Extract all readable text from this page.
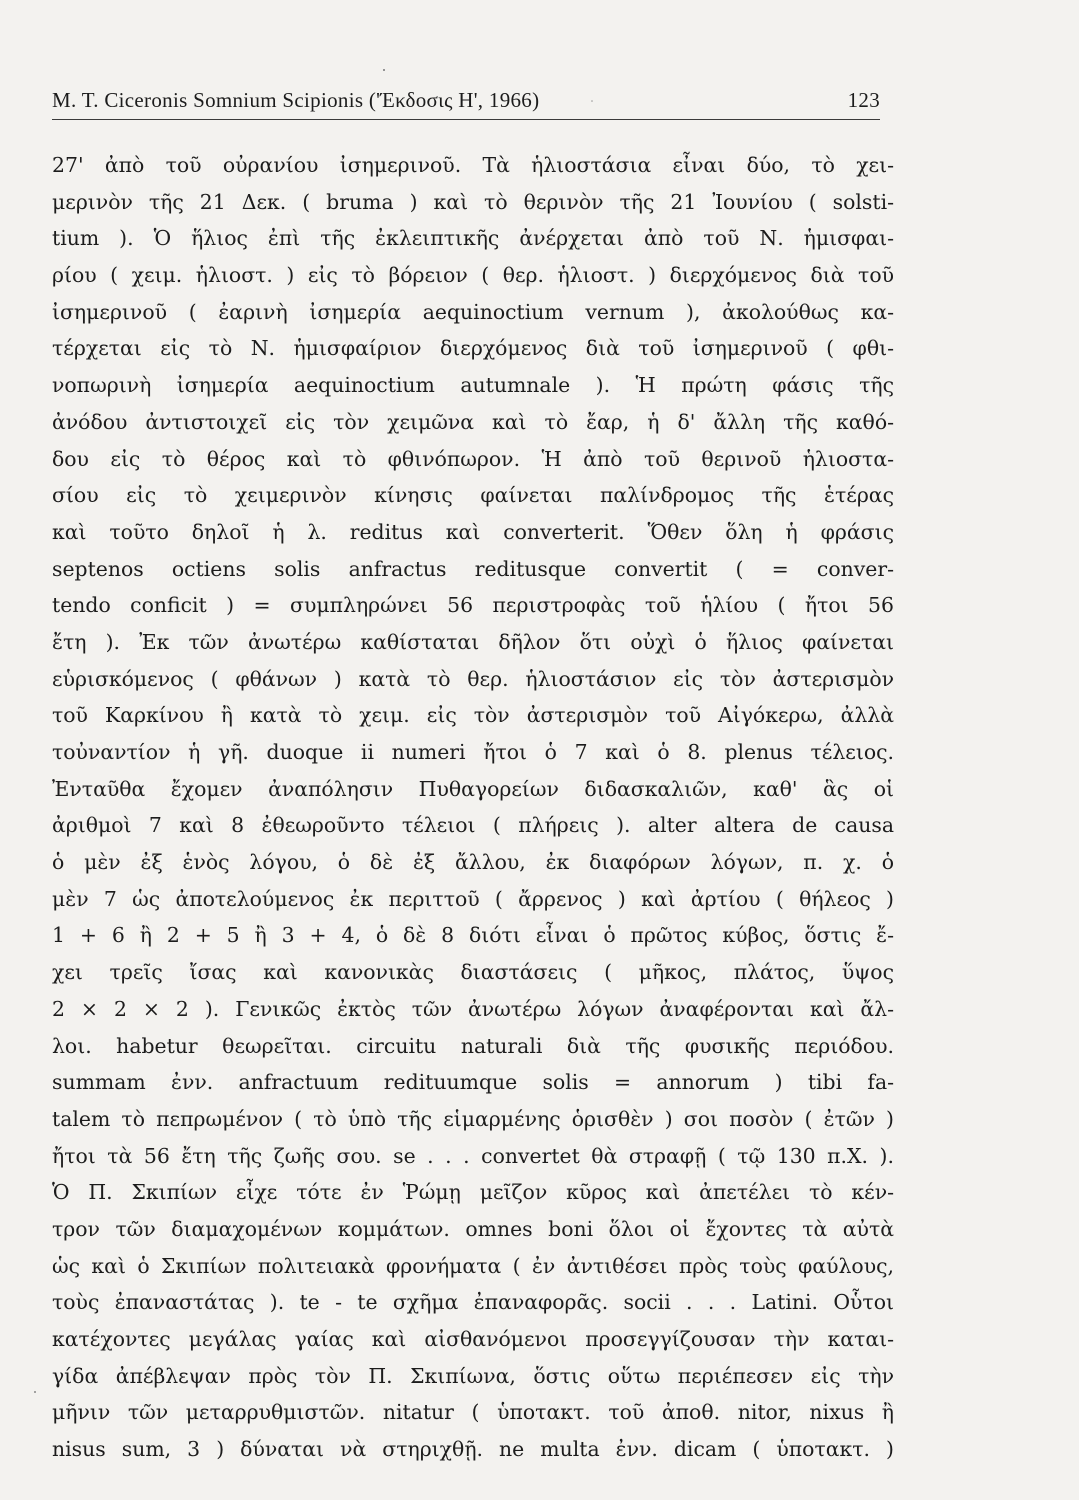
M. T. Ciceronis Somnium Scipionis ('Έκδοσις Η', 1966)	123
27' ἀπὸ τοῦ οὐρανίου ἰσημερινοῦ. Τὰ ἡλιοστάσια εἶναι δύο, τὸ χει-
μερινὸν τῆς 21 Δεκ. ( bruma ) καὶ τὸ θερινὸν τῆς 21 Ἰουνίου ( solsti-
tium ). Ὁ ἥλιος ἐπὶ τῆς ἐκλειπτικῆς ἀνέρχεται ἀπὸ τοῦ Ν. ἡμισφαι-
ρίου ( χειμ. ἡλιοστ. ) εἰς τὸ βόρειον ( θερ. ἡλιοστ. ) διερχόμενος διὰ τοῦ
ἰσημερινοῦ ( ἐαρινὴ ἰσημερία aequinoctium vernum ), ἀκολούθως κα-
τέρχεται εἰς τὸ Ν. ἡμισφαίριον διερχόμενος διὰ τοῦ ἰσημερινοῦ ( φθι-
νοπωρινὴ ἰσημερία aequinoctium autumnale ). Ἡ πρώτη φάσις τῆς
ἀνόδου ἀντιστοιχεῖ εἰς τὸν χειμῶνα καὶ τὸ ἔαρ, ἡ δ' ἄλλη τῆς καθό-
δου εἰς τὸ θέρος καὶ τὸ φθινόπωρον. Ἡ ἀπὸ τοῦ θερινοῦ ἡλιοστα-
σίου εἰς τὸ χειμερινὸν κίνησις φαίνεται παλίνδρομος τῆς ἑτέρας
καὶ τοῦτο δηλοῖ ἡ λ. reditus καὶ converterit. Ὅθεν ὅλη ἡ φράσις
septenos octiens solis anfractus reditusque convertit ( = conver-
tendo conficit ) = συμπληρώνει 56 περιστροφὰς τοῦ ἡλίου ( ἤτοι 56
ἔτη ). Ἐκ τῶν ἀνωτέρω καθίσταται δῆλον ὅτι οὐχὶ ὁ ἥλιος φαίνεται
εὑρισκόμενος ( φθάνων ) κατὰ τὸ θερ. ἡλιοστάσιον εἰς τὸν ἀστερισμὸν
τοῦ Καρκίνου ἢ κατὰ τὸ χειμ. εἰς τὸν ἀστερισμὸν τοῦ Αἰγόκερω, ἀλλὰ
τοὐναντίον ἡ γῆ. duoque ii numeri ἤτοι ὁ 7 καὶ ὁ 8. plenus τέλειος.
Ἐνταῦθα ἔχομεν ἀναπόλησιν Πυθαγορείων διδασκαλιῶν, καθ' ἃς οἱ
ἀριθμοὶ 7 καὶ 8 ἐθεωροῦντο τέλειοι ( πλήρεις ). alter altera de causa
ὁ μὲν ἐξ ἑνὸς λόγου, ὁ δὲ ἐξ ἄλλου, ἐκ διαφόρων λόγων, π. χ. ὁ
μὲν 7 ὡς ἀποτελούμενος ἐκ περιττοῦ ( ἄρρενος ) καὶ ἀρτίου ( θήλεος )
1 + 6 ἢ 2 + 5 ἢ 3 + 4, ὁ δὲ 8 διότι εἶναι ὁ πρῶτος κύβος, ὅστις ἔ-
χει τρεῖς ἴσας καὶ κανονικὰς διαστάσεις ( μῆκος, πλάτος, ὕψος
2 × 2 × 2 ). Γενικῶς ἐκτὸς τῶν ἀνωτέρω λόγων ἀναφέρονται καὶ ἄλ-
λοι. habetur θεωρεῖται. circuitu naturali διὰ τῆς φυσικῆς περιόδου.
summam ἐνν. anfractuum redituumque solis = annorum ) tibi fa-
talem τὸ πεπρωμένον ( τὸ ὑπὸ τῆς εἱμαρμένης ὁρισθὲν ) σοι ποσὸν ( ἐτῶν )
ἤτοι τὰ 56 ἔτη τῆς ζωῆς σου. se . . . convertet θὰ στραφῇ ( τῷ 130 π.Χ. ).
Ὁ Π. Σκιπίων εἶχε τότε ἐν Ῥώμῃ μεῖζον κῦρος καὶ ἀπετέλει τὸ κέν-
τρον τῶν διαμαχομένων κομμάτων. omnes boni ὅλοι οἱ ἔχοντες τὰ αὐτὰ
ὡς καὶ ὁ Σκιπίων πολιτειακὰ φρονήματα ( ἐν ἀντιθέσει πρὸς τοὺς φαύλους,
τοὺς ἐπαναστάτας ). te - te σχῆμα ἐπαναφορᾶς. socii . . . Latini. Οὗτοι
κατέχοντες μεγάλας γαίας καὶ αἰσθανόμενοι προσεγγίζουσαν τὴν καται-
γίδα ἀπέβλεψαν πρὸς τὸν Π. Σκιπίωνα, ὅστις οὕτω περιέπεσεν εἰς τὴν
μῆνιν τῶν μεταρρυθμιστῶν. nitatur ( ὑποτακτ. τοῦ ἀποθ. nitor, nixus ἢ
nisus sum, 3 ) δύναται νὰ στηριχθῇ. ne multa ἐνν. dicam ( ὑποτακτ. )
